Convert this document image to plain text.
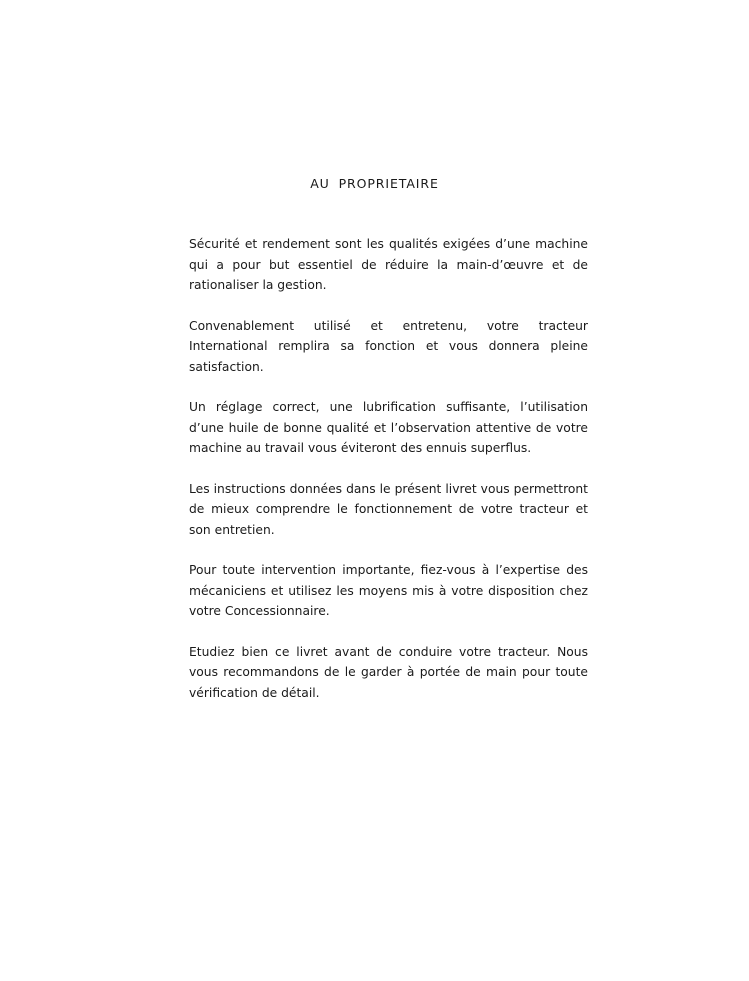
AU PROPRIETAIRE

Sécurité et rendement sont les qualités exigées d’une machine qui a pour but essentiel de réduire la main-d’œuvre et de rationaliser la gestion.

Convenablement utilisé et entretenu, votre tracteur International remplira sa fonction et vous donnera pleine satisfaction.

Un réglage correct, une lubrification suffisante, l’utilisation d’une huile de bonne qualité et l’observation attentive de votre machine au travail vous éviteront des ennuis superflus.

Les instructions données dans le présent livret vous permettront de mieux comprendre le fonctionnement de votre tracteur et son entretien.

Pour toute intervention importante, fiez-vous à l’expertise des mécaniciens et utilisez les moyens mis à votre disposition chez votre Concessionnaire.

Etudiez bien ce livret avant de conduire votre tracteur. Nous vous recommandons de le garder à portée de main pour toute vérification de détail.
